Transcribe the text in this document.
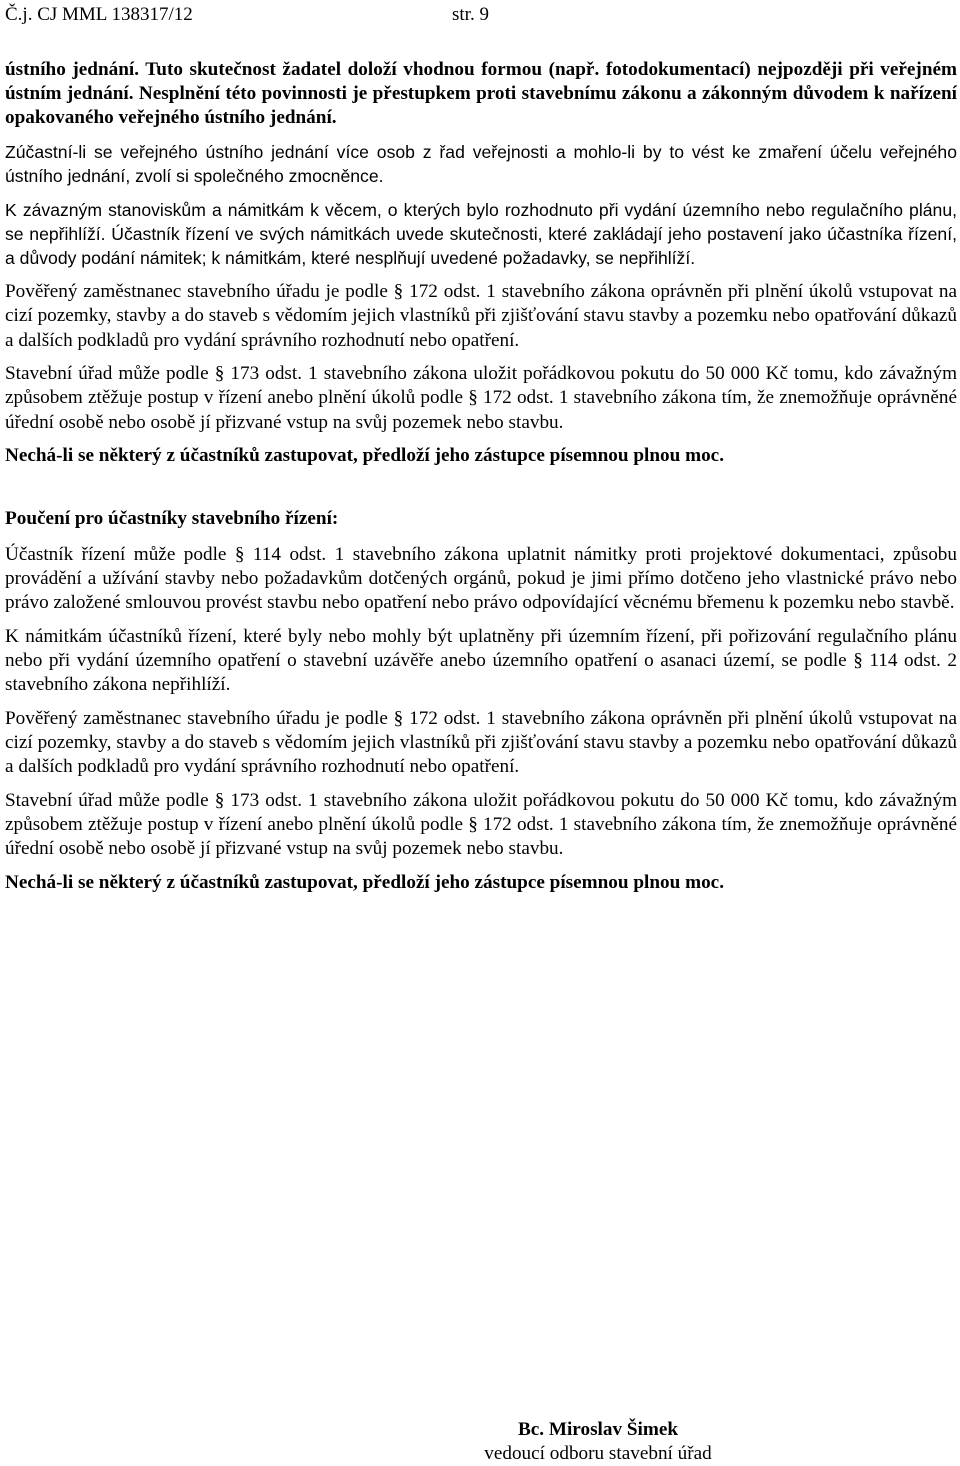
Č.j. CJ MML 138317/12	str. 9

ústního jednání. Tuto skutečnost žadatel doloží vhodnou formou (např. fotodokumentací) nejpozději při veřejném ústním jednání. Nesplnění této povinnosti je přestupkem proti stavebnímu zákonu a zákonným důvodem k nařízení opakovaného veřejného ústního jednání.

Zúčastní-li se veřejného ústního jednání více osob z řad veřejnosti a mohlo-li by to vést ke zmaření účelu veřejného ústního jednání, zvolí si společného zmocněnce.

K závazným stanoviskům a námitkám k věcem, o kterých bylo rozhodnuto při vydání územního nebo regulačního plánu, se nepřihlíží. Účastník řízení ve svých námitkách uvede skutečnosti, které zakládají jeho postavení jako účastníka řízení, a důvody podání námitek; k námitkám, které nesplňují uvedené požadavky, se nepřihlíží.

Pověřený zaměstnanec stavebního úřadu je podle § 172 odst. 1 stavebního zákona oprávněn při plnění úkolů vstupovat na cizí pozemky, stavby a do staveb s vědomím jejich vlastníků při zjišťování stavu stavby a pozemku nebo opatřování důkazů a dalších podkladů pro vydání správního rozhodnutí nebo opatření.

Stavební úřad může podle § 173 odst. 1 stavebního zákona uložit pořádkovou pokutu do 50 000 Kč tomu, kdo závažným způsobem ztěžuje postup v řízení anebo plnění úkolů podle § 172 odst. 1 stavebního zákona tím, že znemožňuje oprávněné úřední osobě nebo osobě jí přizvané vstup na svůj pozemek nebo stavbu.

Nechá-li se některý z účastníků zastupovat, předloží jeho zástupce písemnou plnou moc.

Poučení pro účastníky stavebního řízení:

Účastník řízení může podle § 114 odst. 1 stavebního zákona uplatnit námitky proti projektové dokumentaci, způsobu provádění a užívání stavby nebo požadavkům dotčených orgánů, pokud je jimi přímo dotčeno jeho vlastnické právo nebo právo založené smlouvou provést stavbu nebo opatření nebo právo odpovídající věcnému břemenu k pozemku nebo stavbě.

K námitkám účastníků řízení, které byly nebo mohly být uplatněny při územním řízení, při pořizování regulačního plánu nebo při vydání územního opatření o stavební uzávěře anebo územního opatření o asanaci území, se podle § 114 odst. 2 stavebního zákona nepřihlíží.

Pověřený zaměstnanec stavebního úřadu je podle § 172 odst. 1 stavebního zákona oprávněn při plnění úkolů vstupovat na cizí pozemky, stavby a do staveb s vědomím jejich vlastníků při zjišťování stavu stavby a pozemku nebo opatřování důkazů a dalších podkladů pro vydání správního rozhodnutí nebo opatření.

Stavební úřad může podle § 173 odst. 1 stavebního zákona uložit pořádkovou pokutu do 50 000 Kč tomu, kdo závažným způsobem ztěžuje postup v řízení anebo plnění úkolů podle § 172 odst. 1 stavebního zákona tím, že znemožňuje oprávněné úřední osobě nebo osobě jí přizvané vstup na svůj pozemek nebo stavbu.

Nechá-li se některý z účastníků zastupovat, předloží jeho zástupce písemnou plnou moc.

Bc. Miroslav Šimek
vedoucí odboru stavební úřad
